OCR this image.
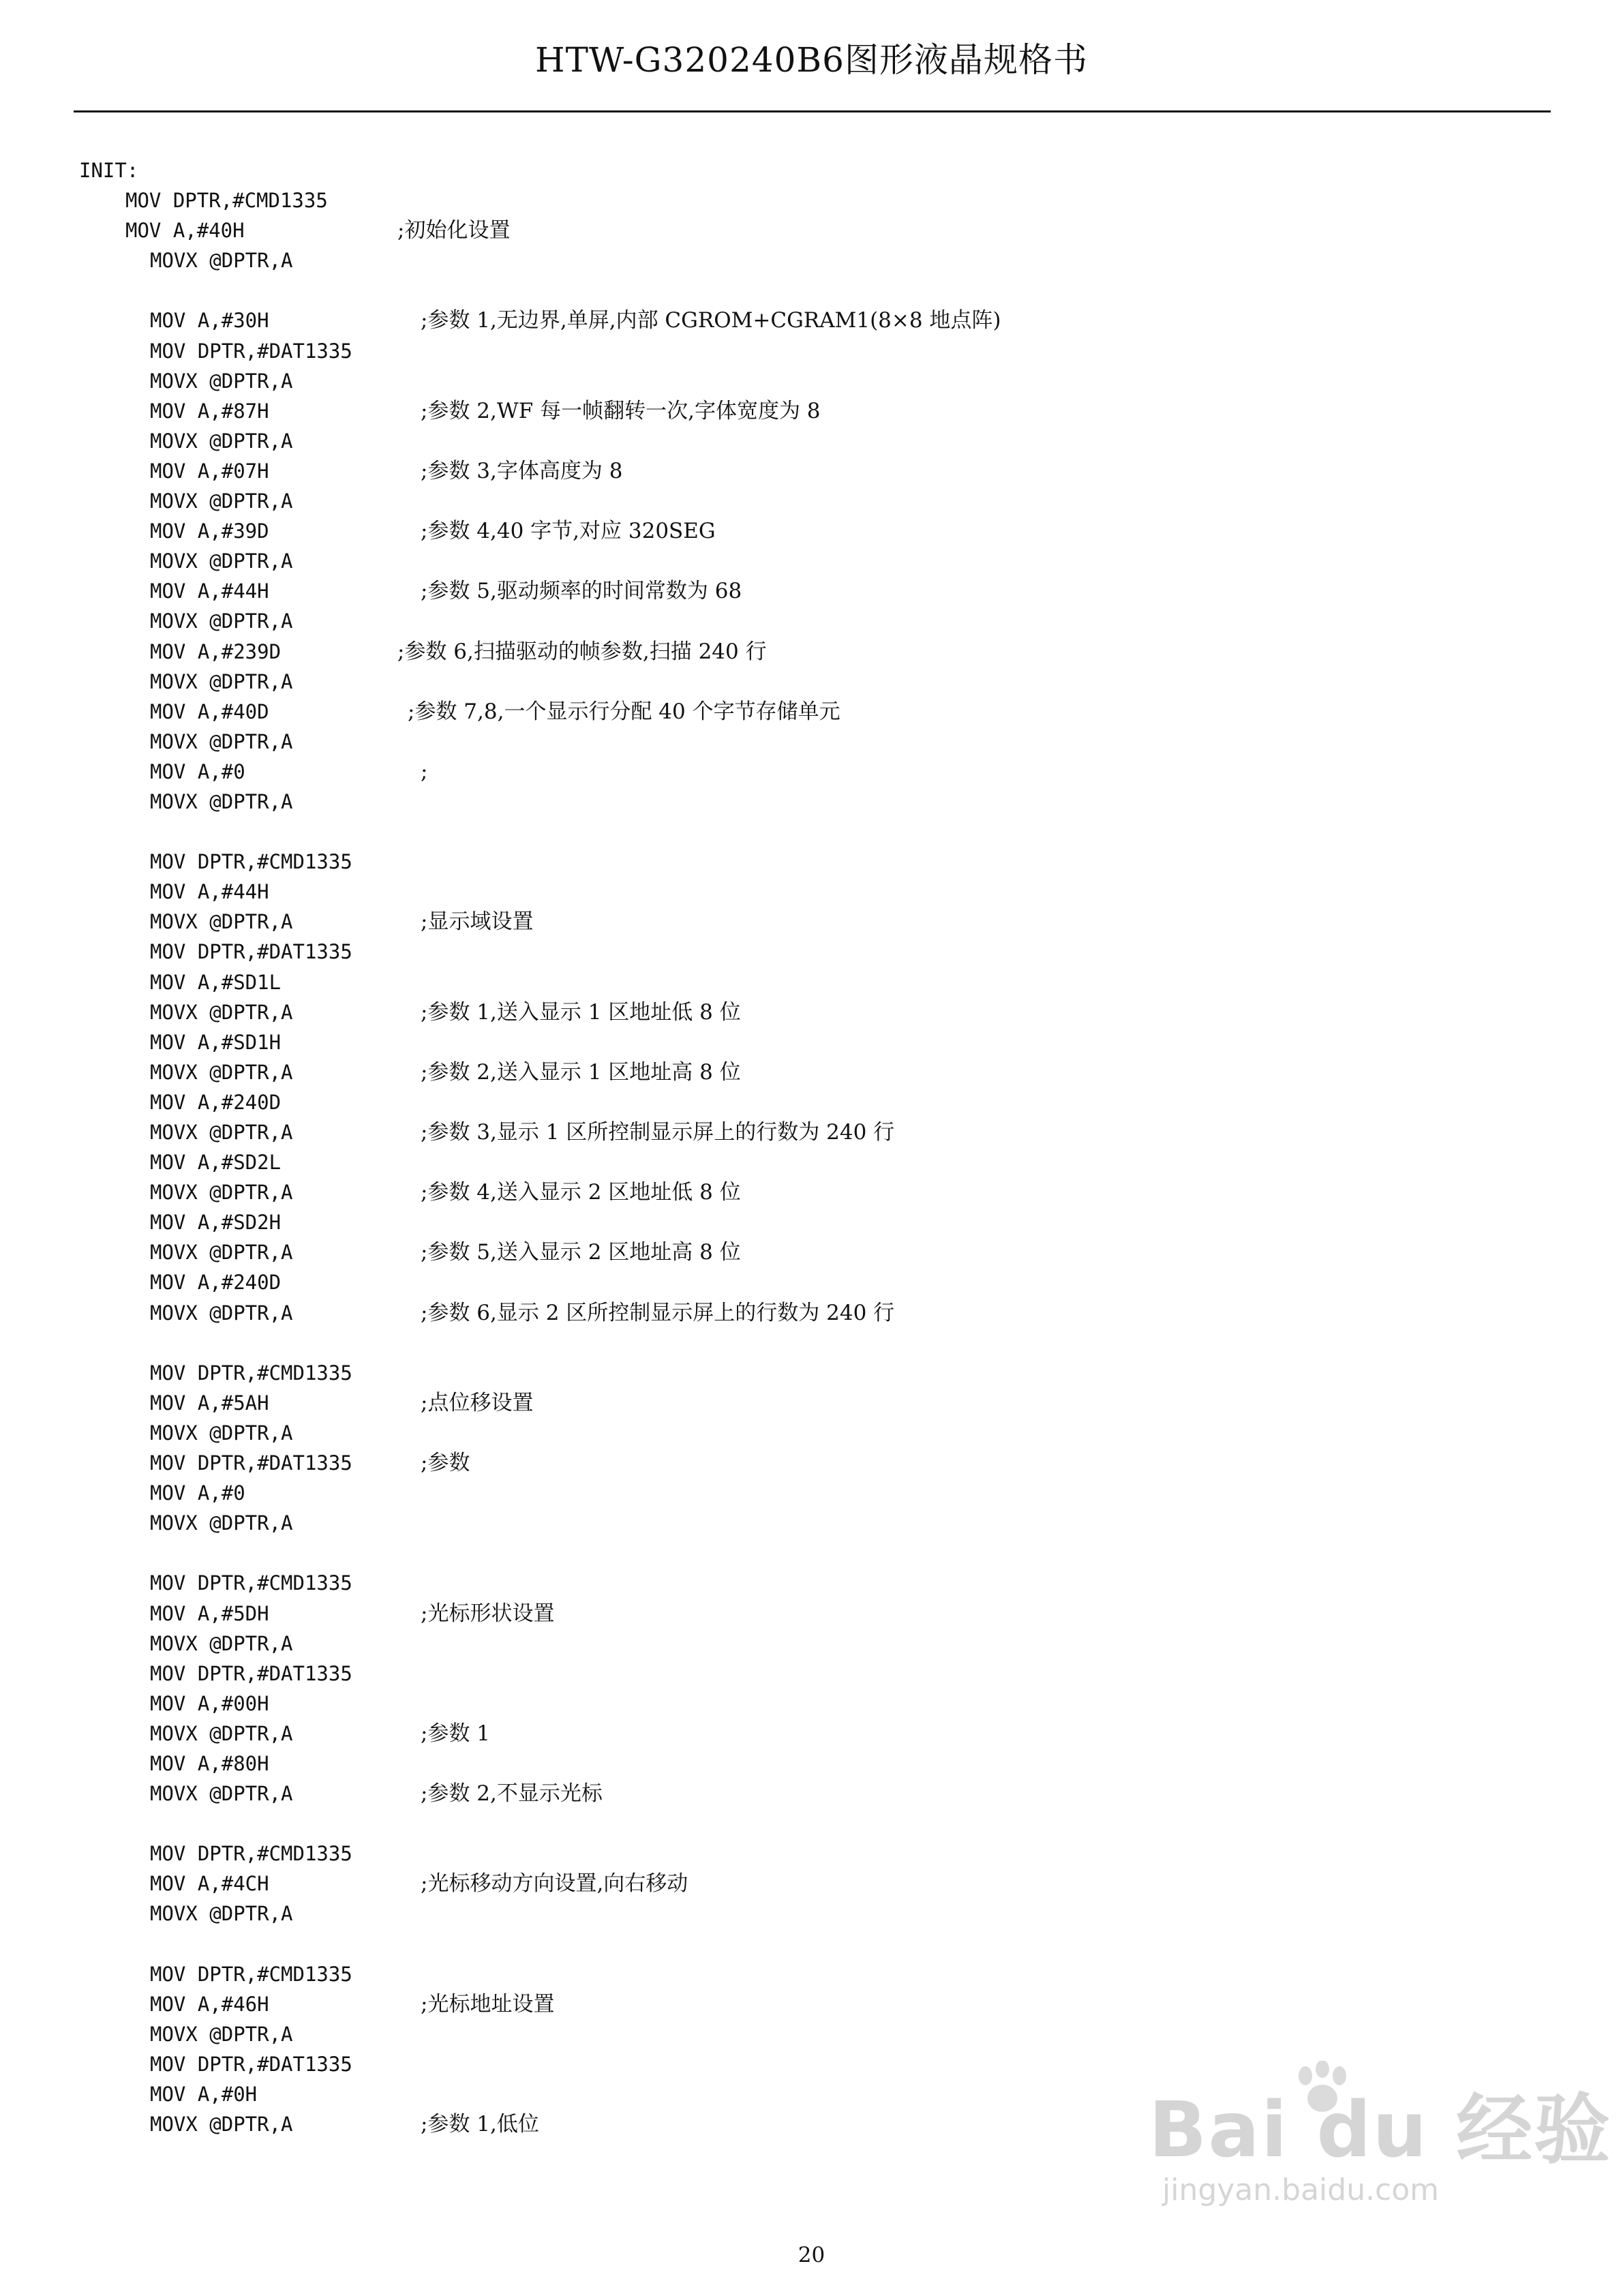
HTW-G320240B6图形液晶规格书
INIT:
MOV DPTR,#CMD1335
MOV A,#40H	;初始化设置
MOVX @DPTR,A
MOV A,#30H	;参数 1,无边界,单屏,内部 CGROM+CGRAM1(8×8 地点阵)
MOV DPTR,#DAT1335
MOVX @DPTR,A
MOV A,#87H	;参数 2,WF 每一帧翻转一次,字体宽度为 8
MOVX @DPTR,A
MOV A,#07H	;参数 3,字体高度为 8
MOVX @DPTR,A
MOV A,#39D	;参数 4,40 字节,对应 320SEG
MOVX @DPTR,A
MOV A,#44H	;参数 5,驱动频率的时间常数为 68
MOVX @DPTR,A
MOV A,#239D	;参数 6,扫描驱动的帧参数,扫描 240 行
MOVX @DPTR,A
MOV A,#40D	;参数 7,8,一个显示行分配 40 个字节存储单元
MOVX @DPTR,A
MOV A,#0	;
MOVX @DPTR,A
MOV DPTR,#CMD1335
MOV A,#44H
MOVX @DPTR,A	;显示域设置
MOV DPTR,#DAT1335
MOV A,#SD1L
MOVX @DPTR,A	;参数 1,送入显示 1 区地址低 8 位
MOV A,#SD1H
MOVX @DPTR,A	;参数 2,送入显示 1 区地址高 8 位
MOV A,#240D
MOVX @DPTR,A	;参数 3,显示 1 区所控制显示屏上的行数为 240 行
MOV A,#SD2L
MOVX @DPTR,A	;参数 4,送入显示 2 区地址低 8 位
MOV A,#SD2H
MOVX @DPTR,A	;参数 5,送入显示 2 区地址高 8 位
MOV A,#240D
MOVX @DPTR,A	;参数 6,显示 2 区所控制显示屏上的行数为 240 行
MOV DPTR,#CMD1335
MOV A,#5AH	;点位移设置
MOVX @DPTR,A
MOV DPTR,#DAT1335	;参数
MOV A,#0
MOVX @DPTR,A
MOV DPTR,#CMD1335
MOV A,#5DH	;光标形状设置
MOVX @DPTR,A
MOV DPTR,#DAT1335
MOV A,#00H
MOVX @DPTR,A	;参数 1
MOV A,#80H
MOVX @DPTR,A	;参数 2,不显示光标
MOV DPTR,#CMD1335
MOV A,#4CH	;光标移动方向设置,向右移动
MOVX @DPTR,A
MOV DPTR,#CMD1335
MOV A,#46H	;光标地址设置
MOVX @DPTR,A
MOV DPTR,#DAT1335
MOV A,#0H
MOVX @DPTR,A	;参数 1,低位	Bai du 经验
jingyan.baidu.com
20
